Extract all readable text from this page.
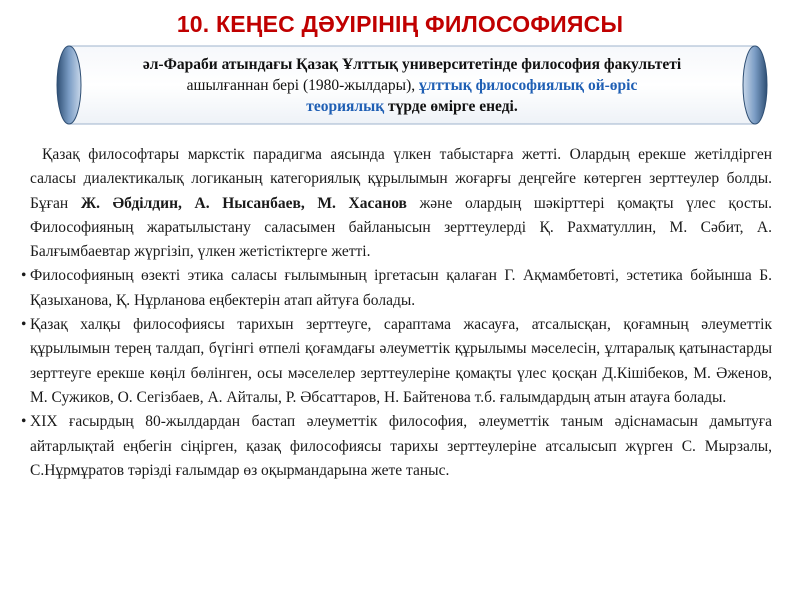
10. КЕҢЕС ДӘУІРІНІҢ ФИЛОСОФИЯСЫ
әл-Фараби атындағы Қазақ Ұлттық университетінде философия факультеті
ашылғаннан бері (1980-жылдары), ұлттық философиялық ой-өріс
теориялық түрде өмірге енеді.

Қазақ философтары маркстік парадигма аясында үлкен табыстарға жетті. Олардың ерекше жетілдірген саласы диалектикалық логиканың категориялық құрылымын жоғарғы деңгейге көтерген зерттеулер болды. Бұған Ж. Әбділдин, А. Нысанбаев, М. Хасанов және олардың шәкірттері қомақты үлес қосты. Философияның жаратылыстану саласымен байланысын зерттеулерді Қ. Рахматуллин, М. Сәбит, А. Балғымбаевтар жүргізіп, үлкен жетістіктерге жетті.

• Философияның өзекті этика саласы ғылымының іргетасын қалаған Г. Ақмамбетовті, эстетика бойынша Б. Қазыханова, Қ. Нұрланова еңбектерін атап айтуға болады.

• Қазақ халқы философиясы тарихын зерттеуге, сараптама жасауға, атсалысқан, қоғамның әлеуметтік құрылымын терең талдап, бүгінгі өтпелі қоғамдағы әлеуметтік құрылымы мәселесін, ұлтаралық қатынастарды зерттеуге ерекше көңіл бөлінген, осы мәселелер зерттеулеріне қомақты үлес қосқан Д.Кішібеков, М. Әженов, М. Сужиков, О. Сегізбаев, А. Айталы, Р. Әбсаттаров, Н. Байтенова т.б. ғалымдардың атын атауға болады.

• ХІХ ғасырдың 80-жылдардан бастап әлеуметтік философия, әлеуметтік таным әдіснамасын дамытуға айтарлықтай еңбегін сіңірген, қазақ философиясы тарихы зерттеулеріне атсалысып жүрген С. Мырзалы, С.Нұрмұратов тәрізді ғалымдар өз оқырмандарына жете таныс.
